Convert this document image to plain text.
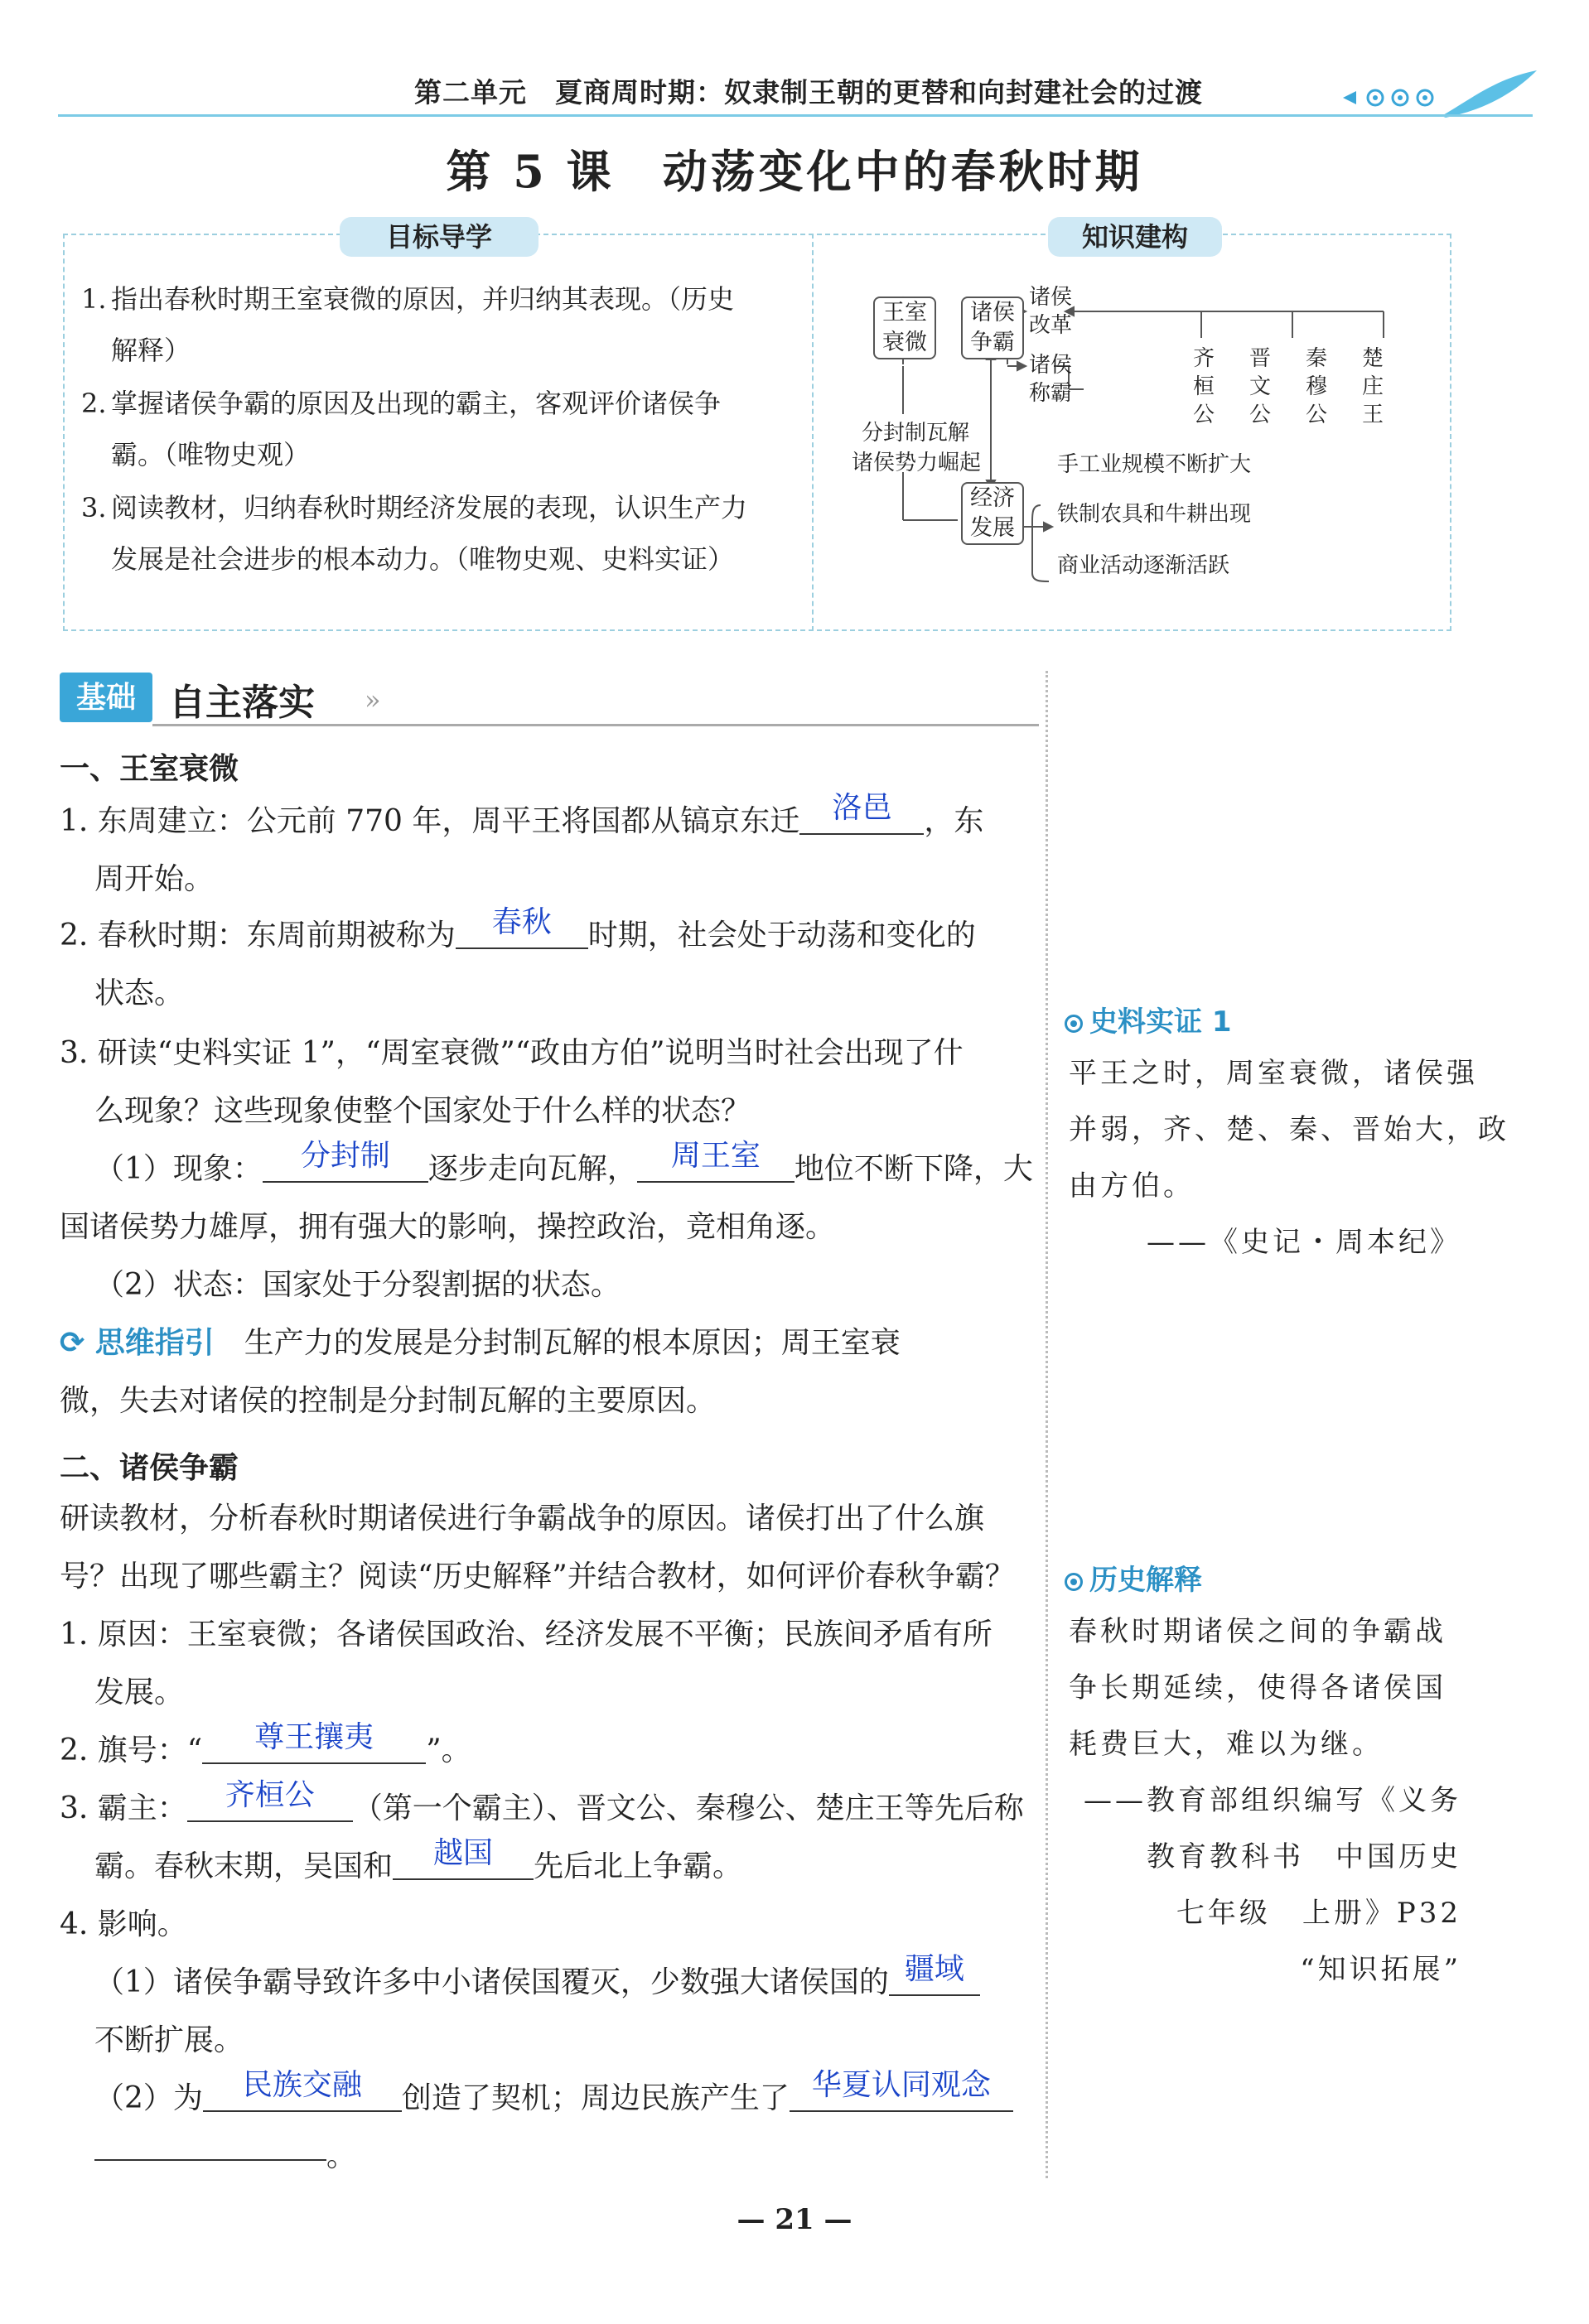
第二单元　夏商周时期：奴隶制王朝的更替和向封建社会的过渡
第 5 课　动荡变化中的春秋时期
目标导学	知识建构
1. 指出春秋时期王室衰微的原因，并归纳其表现。（历史
解释）
2. 掌握诸侯争霸的原因及出现的霸主，客观评价诸侯争
霸。（唯物史观）
3. 阅读教材，归纳春秋时期经济发展的表现，认识生产力
发展是社会进步的根本动力。（唯物史观、史料实证）
王室衰微
诸侯争霸
经济发展
诸侯改革
诸侯称霸
齐桓公
晋文公
秦穆公
楚庄王
分封制瓦解
诸侯势力崛起	手工业规模不断扩大
铁制农具和牛耕出现
商业活动逐渐活跃
基础 自主落实 »
一、王室衰微
1. 东周建立：公元前 770 年，周平王将国都从镐京东迁 洛邑 ，东
周开始。
2. 春秋时期：东周前期被称为 春秋 时期，社会处于动荡和变化的
状态。
3. 研读“史料实证 1”，“周室衰微”“政由方伯”说明当时社会出现了什
么现象？这些现象使整个国家处于什么样的状态？
（1）现象： 分封制 逐步走向瓦解， 周王室 地位不断下降，大
国诸侯势力雄厚，拥有强大的影响，操控政治，竞相角逐。
（2）状态：国家处于分裂割据的状态。
⟳ 思维指引　 生产力的发展是分封制瓦解的根本原因；周王室衰
微，失去对诸侯的控制是分封制瓦解的主要原因。
二、诸侯争霸
研读教材，分析春秋时期诸侯进行争霸战争的原因。诸侯打出了什么旗
号？出现了哪些霸主？阅读“历史解释”并结合教材，如何评价春秋争霸？
1. 原因：王室衰微；各诸侯国政治、经济发展不平衡；民族间矛盾有所
发展。
2. 旗号：“ 尊王攘夷 ”。
3. 霸主： 齐桓公 （第一个霸主）、晋文公、秦穆公、楚庄王等先后称
霸。春秋末期，吴国和 越国 先后北上争霸。
4. 影响。
（1）诸侯争霸导致许多中小诸侯国覆灭，少数强大诸侯国的 疆域
不断扩展。
（2）为 民族交融 创造了契机；周边民族产生了 华夏认同观念
。
史料实证 1
平王之时，周室衰微，诸侯强
并弱，齐、楚、秦、晋始大，政
由方伯。
——《史记・周本纪》
历史解释
春秋时期诸侯之间的争霸战
争长期延续，使得各诸侯国
耗费巨大，难以为继。
——教育部组织编写《义务
教育教科书　中国历史
七年级　上册》P32
“知识拓展”
— 21 —
